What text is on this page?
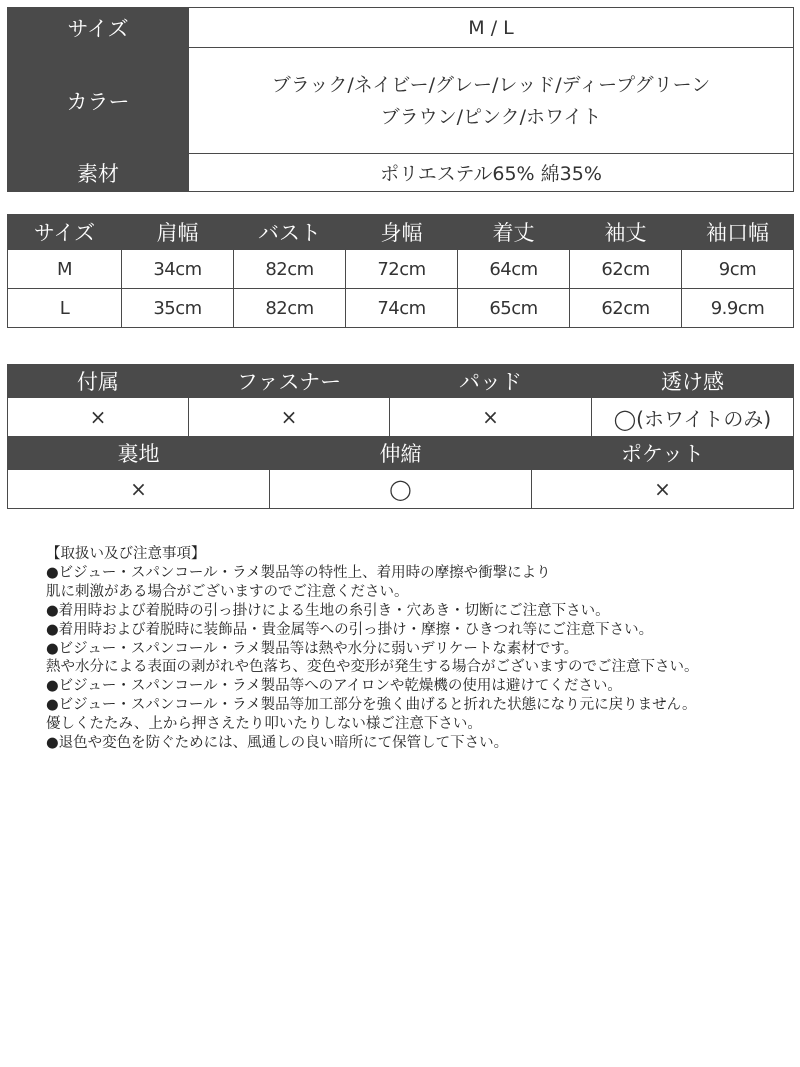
サイズ	M / L
カラー	ブラック/ネイビー/グレー/レッド/ディープグリーン
ブラウン/ピンク/ホワイト

素材	ポリエステル65% 綿35%
サイズ	肩幅	バスト	身幅	着丈	袖丈	袖口幅
M	34cm	82cm	72cm	64cm	62cm	9cm
L	35cm	82cm	74cm	65cm	62cm	9.9cm
付属	ファスナー	パッド	透け感
×	×	×	◯(ホワイトのみ)
裏地	伸縮	ポケット
×	◯	×
【取扱い及び注意事項】
●ビジュー・スパンコール・ラメ製品等の特性上、着用時の摩擦や衝撃により
肌に刺激がある場合がございますのでご注意ください。
●着用時および着脱時の引っ掛けによる生地の糸引き・穴あき・切断にご注意下さい。
●着用時および着脱時に装飾品・貴金属等への引っ掛け・摩擦・ひきつれ等にご注意下さい。
●ビジュー・スパンコール・ラメ製品等は熱や水分に弱いデリケートな素材です。
熱や水分による表面の剥がれや色落ち、変色や変形が発生する場合がございますのでご注意下さい。
●ビジュー・スパンコール・ラメ製品等へのアイロンや乾燥機の使用は避けてください。
●ビジュー・スパンコール・ラメ製品等加工部分を強く曲げると折れた状態になり元に戻りません。
優しくたたみ、上から押さえたり叩いたりしない様ご注意下さい。
●退色や変色を防ぐためには、風通しの良い暗所にて保管して下さい。
